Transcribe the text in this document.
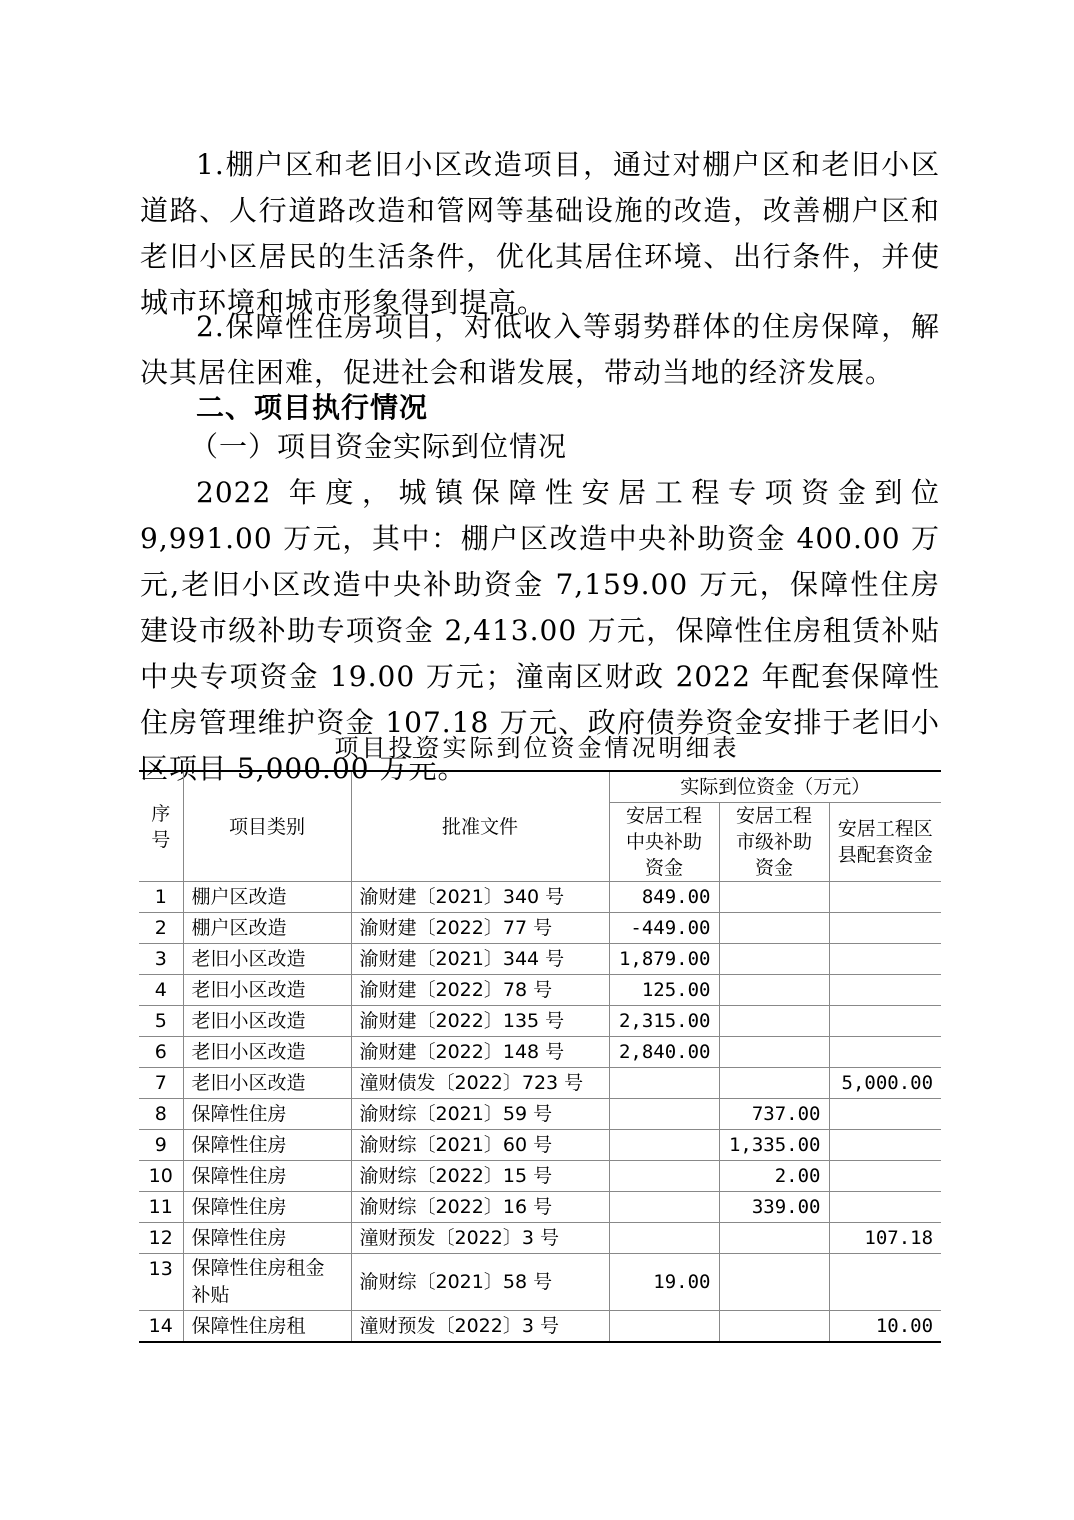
1.棚户区和老旧小区改造项目，通过对棚户区和老旧小区道路、人行道路改造和管网等基础设施的改造，改善棚户区和老旧小区居民的生活条件，优化其居住环境、出行条件，并使城市环境和城市形象得到提高。

2.保障性住房项目，对低收入等弱势群体的住房保障，解决其居住困难，促进社会和谐发展，带动当地的经济发展。

二、项目执行情况

（一）项目资金实际到位情况

2022 年度，城镇保障性安居工程专项资金到位 9,991.00 万元，其中：棚户区改造中央补助资金 400.00 万元,老旧小区改造中央补助资金 7,159.00 万元，保障性住房建设市级补助专项资金 2,413.00 万元，保障性住房租赁补贴中央专项资金 19.00 万元；潼南区财政 2022 年配套保障性住房管理维护资金 107.18 万元、政府债券资金安排于老旧小区项目 5,000.00 万元。

项目投资实际到位资金情况明细表

序号	项目类别	批准文件	实际到位资金（万元）		
			安居工程中央补助资金	安居工程市级补助资金	安居工程区县配套资金
1	棚户区改造	渝财建〔2021〕340 号	849.00		
2	棚户区改造	渝财建〔2022〕77 号	-449.00		
3	老旧小区改造	渝财建〔2021〕344 号	1,879.00		
4	老旧小区改造	渝财建〔2022〕78 号	125.00		
5	老旧小区改造	渝财建〔2022〕135 号	2,315.00		
6	老旧小区改造	渝财建〔2022〕148 号	2,840.00		
7	老旧小区改造	潼财债发〔2022〕723 号			5,000.00
8	保障性住房	渝财综〔2021〕59 号		737.00	
9	保障性住房	渝财综〔2021〕60 号		1,335.00	
10	保障性住房	渝财综〔2022〕15 号		2.00	
11	保障性住房	渝财综〔2022〕16 号		339.00	
12	保障性住房	潼财预发〔2022〕3 号			107.18
13	保障性住房租金补贴	渝财综〔2021〕58 号	19.00		
14	保障性住房租	潼财预发〔2022〕3 号			10.00
